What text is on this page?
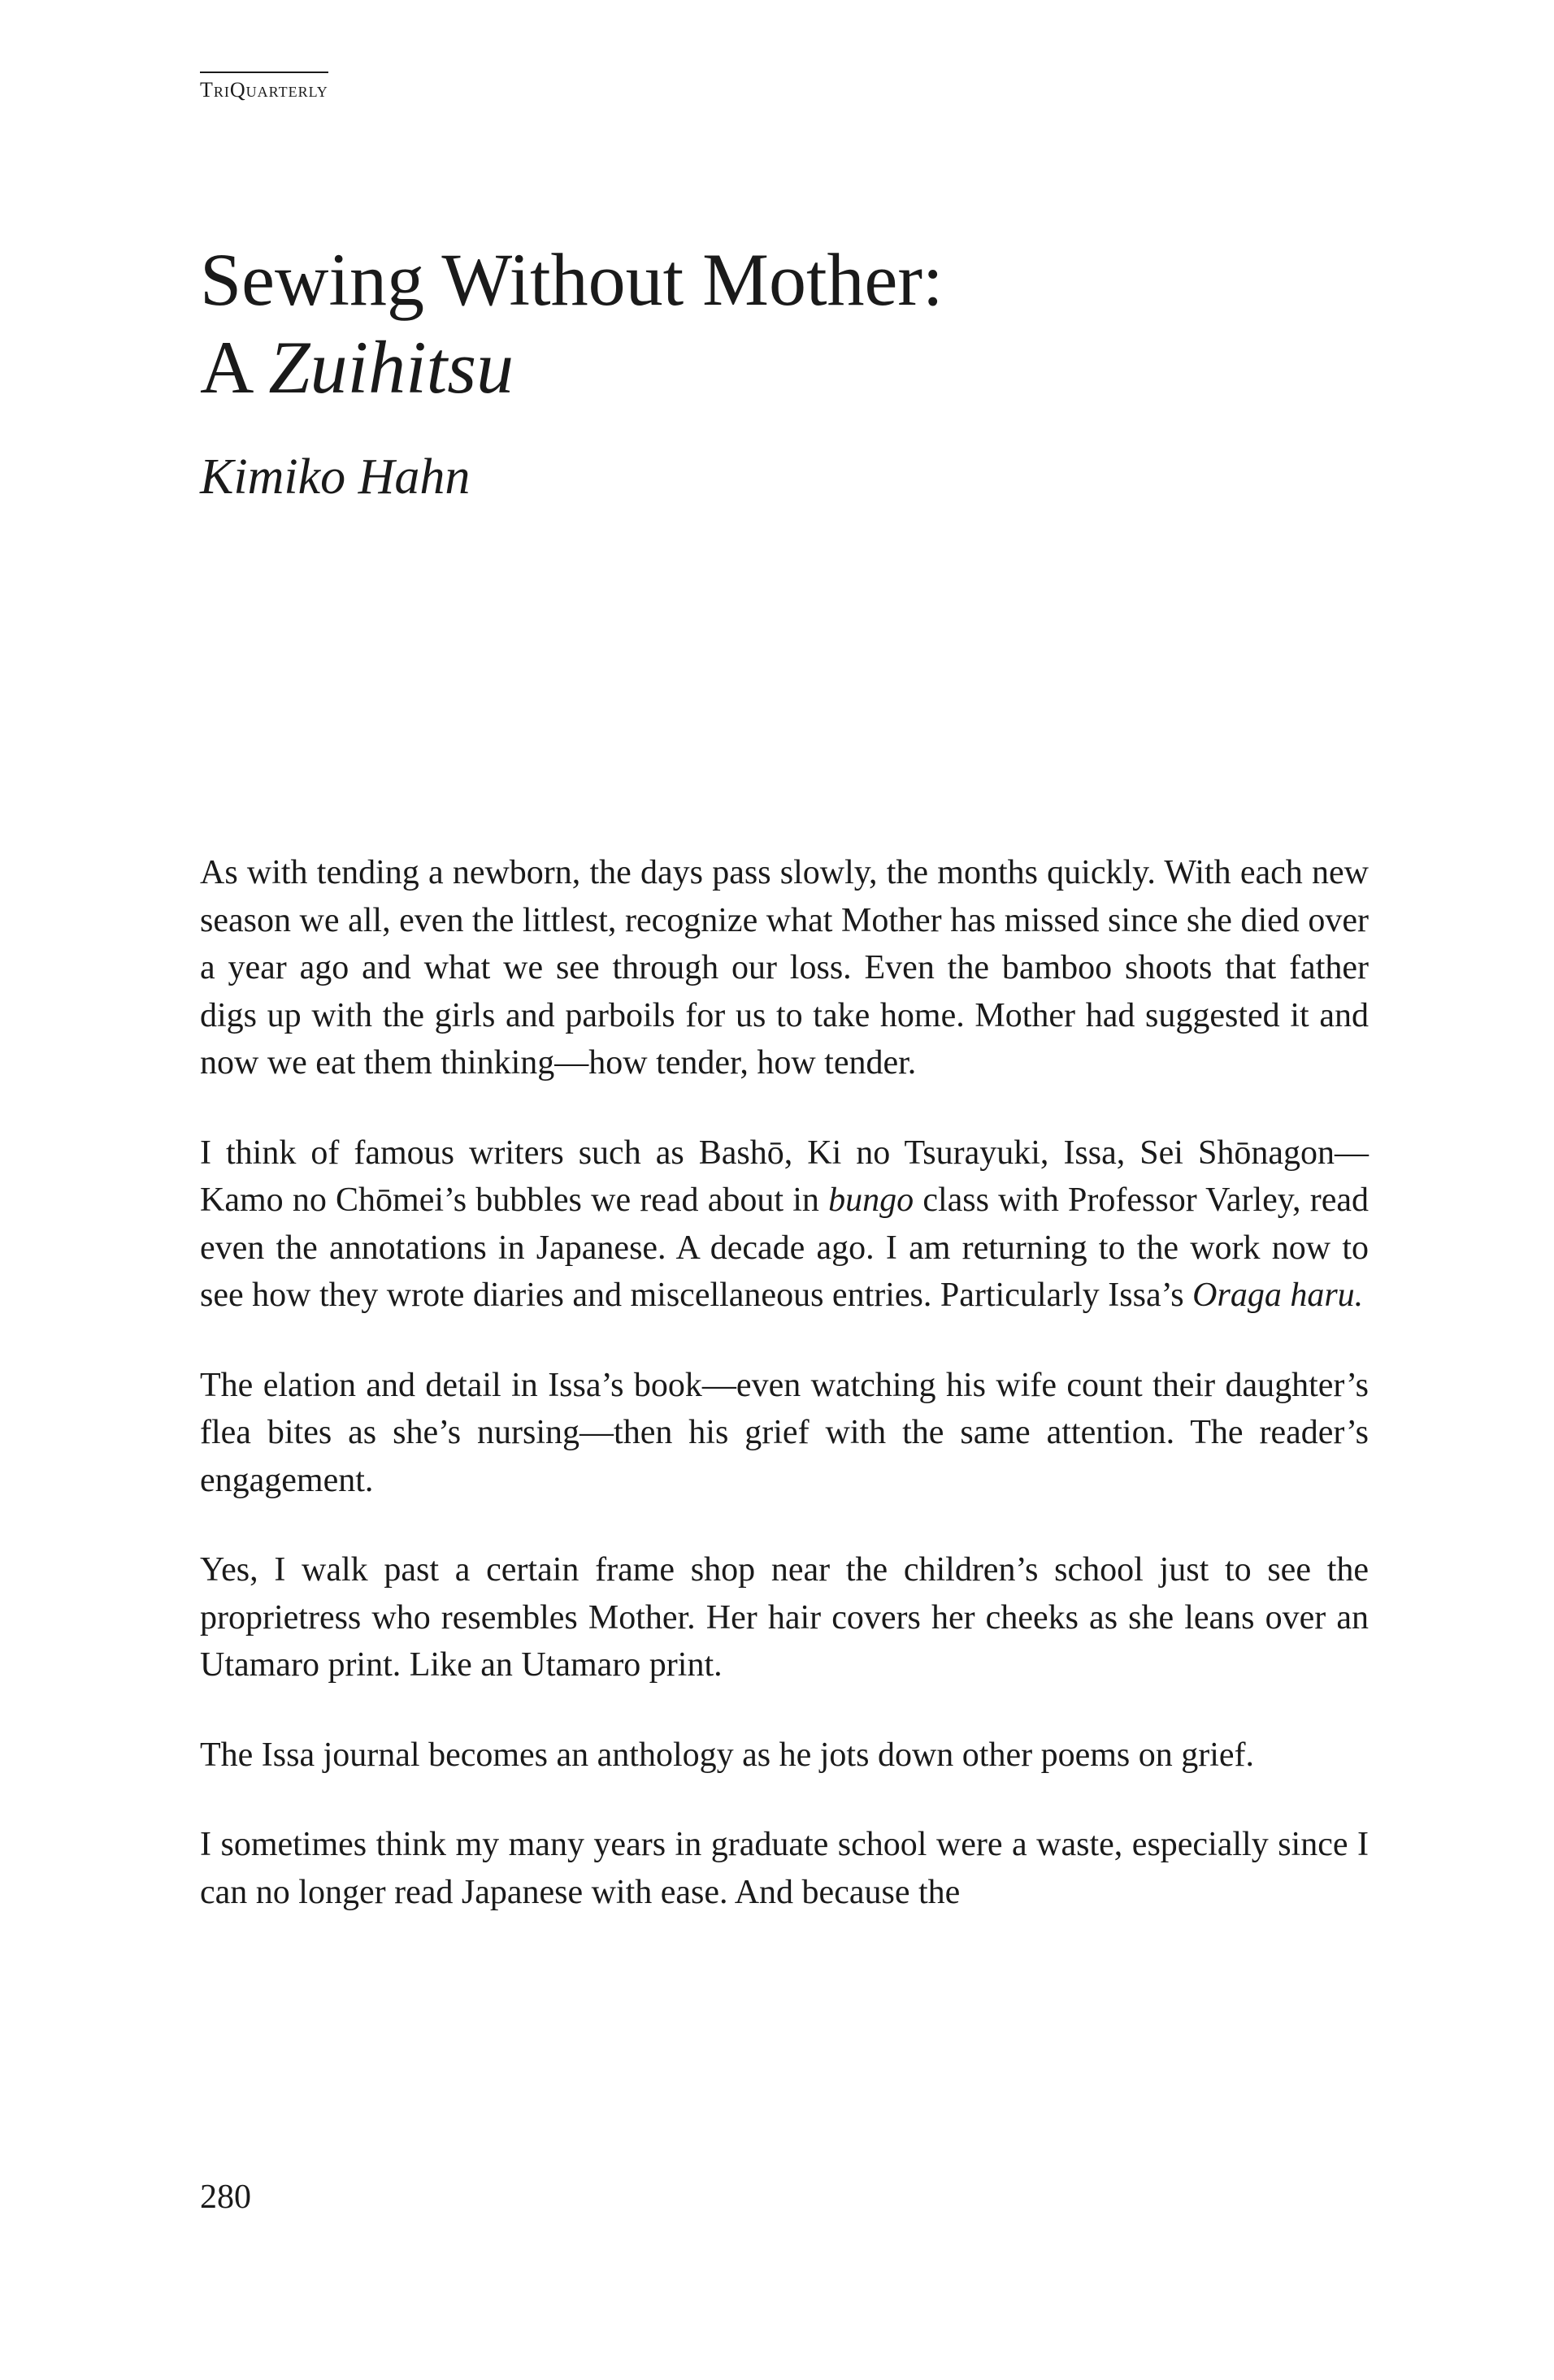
TriQuarterly
Sewing Without Mother:
A Zuihitsu
Kimiko Hahn

As with tending a newborn, the days pass slowly, the months quickly. With each new season we all, even the littlest, recognize what Mother has missed since she died over a year ago and what we see through our loss. Even the bamboo shoots that father digs up with the girls and parboils for us to take home. Mother had suggested it and now we eat them thinking—how tender, how tender.

I think of famous writers such as Bashō, Ki no Tsurayuki, Issa, Sei Shōnagon—Kamo no Chōmei’s bubbles we read about in bungo class with Professor Varley, read even the annotations in Japanese. A decade ago. I am returning to the work now to see how they wrote diaries and miscellaneous entries. Particularly Issa’s Oraga haru.

The elation and detail in Issa’s book—even watching his wife count their daughter’s flea bites as she’s nursing—then his grief with the same attention. The reader’s engagement.

Yes, I walk past a certain frame shop near the children’s school just to see the proprietress who resembles Mother. Her hair covers her cheeks as she leans over an Utamaro print. Like an Utamaro print.

The Issa journal becomes an anthology as he jots down other poems on grief.

I sometimes think my many years in graduate school were a waste, especially since I can no longer read Japanese with ease. And because the

280
